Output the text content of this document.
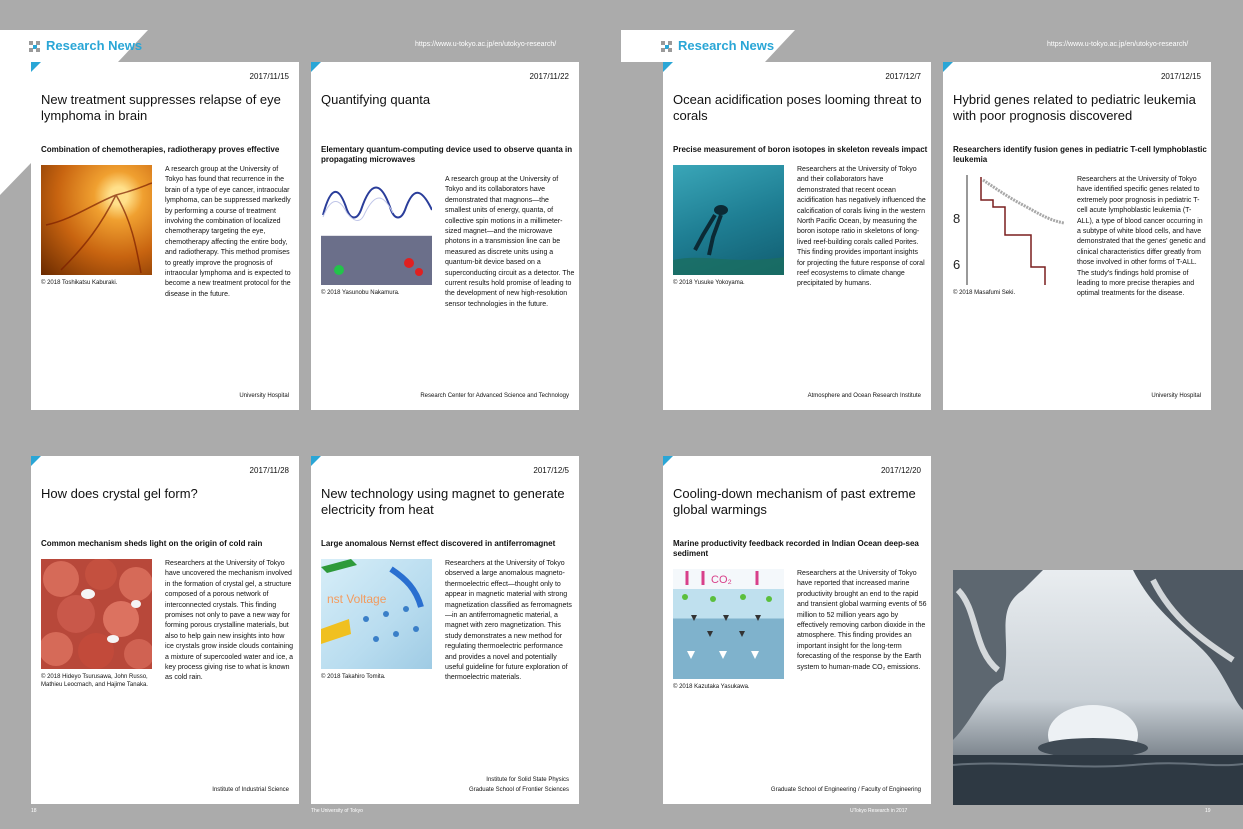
Research News	https://www.u-tokyo.ac.jp/en/utokyo-research/	Research News	https://www.u-tokyo.ac.jp/en/utokyo-research/
2017/11/15
New treatment suppresses relapse of eye lymphoma in brain
Combination of chemotherapies, radiotherapy proves effective
© 2018 Toshikatsu Kaburaki.
A research group at the University of Tokyo has found that recurrence in the brain of a type of eye cancer, intraocular lymphoma, can be suppressed markedly by performing a course of treatment involving the combination of localized chemotherapy targeting the eye, chemotherapy affecting the entire body, and radiotherapy. This method promises to greatly improve the prognosis of intraocular lymphoma and is expected to become a new treatment protocol for the disease in the future.
University Hospital
2017/11/22
Quantifying quanta
Elementary quantum-computing device used to observe quanta in propagating microwaves
© 2018 Yasunobu Nakamura.
A research group at the University of Tokyo and its collaborators have demonstrated that magnons—the smallest units of energy, quanta, of collective spin motions in a millimeter-sized magnet—and the microwave photons in a transmission line can be measured as discrete units using a quantum-bit device based on a superconducting circuit as a detector. The current results hold promise of leading to the development of new high-resolution sensor technologies in the future.
Research Center for Advanced Science and Technology
2017/12/7
Ocean acidification poses looming threat to corals
Precise measurement of boron isotopes in skeleton reveals impact
© 2018 Yusuke Yokoyama.
Researchers at the University of Tokyo and their collaborators have demonstrated that recent ocean acidification has negatively influenced the calcification of corals living in the western North Pacific Ocean, by measuring the boron isotope ratio in skeletons of long-lived reef-building corals called Porites. This finding provides important insights for projecting the future response of coral reef ecosystems to climate change precipitated by humans.
Atmosphere and Ocean Research Institute
2017/12/15
Hybrid genes related to pediatric leukemia with poor prognosis discovered
Researchers identify fusion genes in pediatric T-cell lymphoblastic leukemia
8
6
© 2018 Masafumi Seki.
Researchers at the University of Tokyo have identified specific genes related to extremely poor prognosis in pediatric T-cell acute lymphoblastic leukemia (T-ALL), a type of blood cancer occurring in a subtype of white blood cells, and have demonstrated that the genes' genetic and clinical characteristics differ greatly from those involved in other forms of T-ALL. The study's findings hold promise of leading to more precise therapies and optimal treatments for the disease.
University Hospital
2017/11/28
How does crystal gel form?
Common mechanism sheds light on the origin of cold rain
© 2018 Hideyo Tsurusawa, John Russo, Mathieu Leocmach, and Hajime Tanaka.
Researchers at the University of Tokyo have uncovered the mechanism involved in the formation of crystal gel, a structure composed of a porous network of interconnected crystals. This finding promises not only to pave a new way for forming porous crystalline materials, but also to help gain new insights into how ice crystals grow inside clouds containing a mixture of supercooled water and ice, a key process giving rise to what is known as cold rain.
Institute of Industrial Science
2017/12/5
New technology using magnet to generate electricity from heat
Large anomalous Nernst effect discovered in antiferromagnet
nst Voltage
© 2018 Takahiro Tomita.
Researchers at the University of Tokyo observed a large anomalous magneto-thermoelectric effect—thought only to appear in magnetic material with strong magnetization classified as ferromagnets—in an antiferromagnetic material, a magnet with zero magnetization. This study demonstrates a new method for regulating thermoelectric performance and provides a novel and potentially useful guideline for future exploration of thermoelectric materials.
Institute for Solid State Physics
Graduate School of Frontier Sciences
2017/12/20
Cooling-down mechanism of past extreme global warmings
Marine productivity feedback recorded in Indian Ocean deep-sea sediment
CO₂
© 2018 Kazutaka Yasukawa.
Researchers at the University of Tokyo have reported that increased marine productivity brought an end to the rapid and transient global warming events of 56 million to 52 million years ago by effectively removing carbon dioxide in the atmosphere. This finding provides an important insight for the long-term forecasting of the response by the Earth system to human-made CO₂ emissions.
Graduate School of Engineering / Faculty of Engineering
18	The University of Tokyo	UTokyo Research in 2017	19
